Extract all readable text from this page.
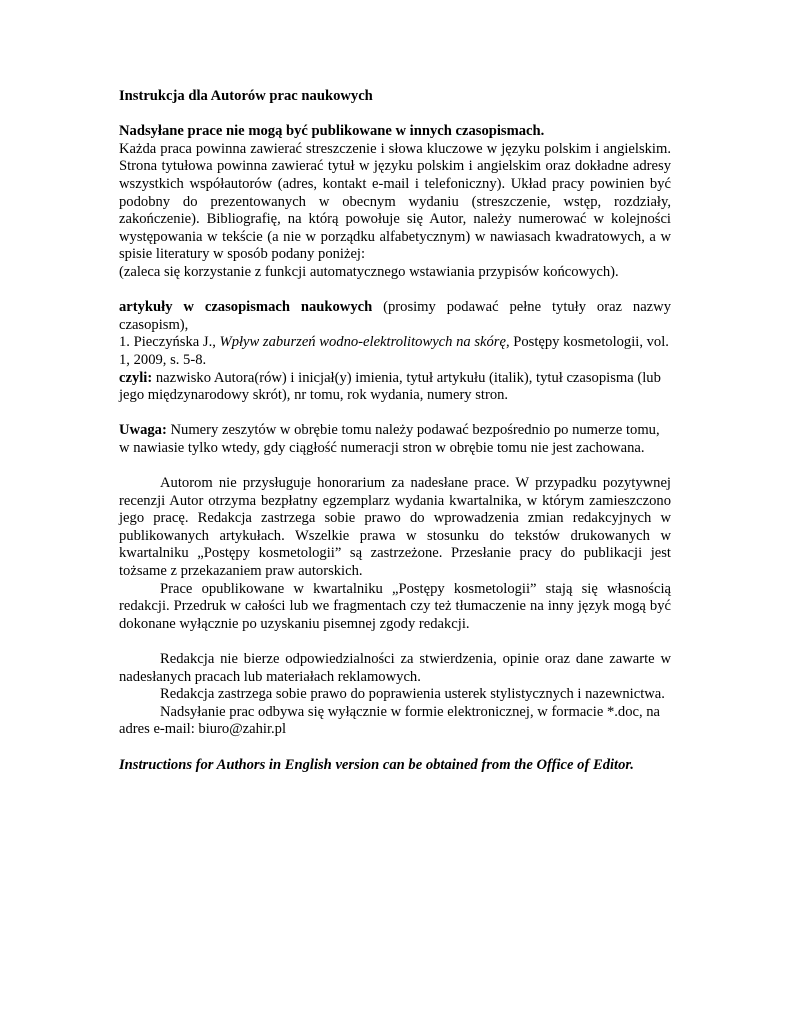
Instrukcja dla Autorów prac naukowych

Nadsyłane prace nie mogą być publikowane w innych czasopismach.

Każda praca powinna zawierać streszczenie i słowa kluczowe w języku polskim i angielskim. Strona tytułowa powinna zawierać tytuł w języku polskim i angielskim oraz dokładne adresy wszystkich współautorów (adres, kontakt e-mail i telefoniczny). Układ pracy powinien być podobny do prezentowanych w obecnym wydaniu (streszczenie, wstęp, rozdziały, zakończenie). Bibliografię, na którą powołuje się Autor, należy numerować w kolejności występowania w tekście (a nie w porządku alfabetycznym) w nawiasach kwadratowych, a w spisie literatury w sposób podany poniżej:

(zaleca się korzystanie z funkcji automatycznego wstawiania przypisów końcowych).

artykuły w czasopismach naukowych (prosimy podawać pełne tytuły oraz nazwy czasopism),

1. Pieczyńska J., Wpływ zaburzeń wodno-elektrolitowych na skórę, Postępy kosmetologii, vol. 1, 2009, s. 5-8.

czyli: nazwisko Autora(rów) i inicjał(y) imienia, tytuł artykułu (italik), tytuł czasopisma (lub jego międzynarodowy skrót), nr tomu, rok wydania, numery stron.

Uwaga: Numery zeszytów w obrębie tomu należy podawać bezpośrednio po numerze tomu, w nawiasie tylko wtedy, gdy ciągłość numeracji stron w obrębie tomu nie jest zachowana.

Autorom nie przysługuje honorarium za nadesłane prace. W przypadku pozytywnej recenzji Autor otrzyma bezpłatny egzemplarz wydania kwartalnika, w którym zamieszczono jego pracę. Redakcja zastrzega sobie prawo do wprowadzenia zmian redakcyjnych w publikowanych artykułach. Wszelkie prawa w stosunku do tekstów drukowanych w kwartalniku „Postępy kosmetologii” są zastrzeżone. Przesłanie pracy do publikacji jest tożsame z przekazaniem praw autorskich.

Prace opublikowane w kwartalniku „Postępy kosmetologii” stają się własnością redakcji. Przedruk w całości lub we fragmentach czy też tłumaczenie na inny język mogą być dokonane wyłącznie po uzyskaniu pisemnej zgody redakcji.

Redakcja nie bierze odpowiedzialności za stwierdzenia, opinie oraz dane zawarte w nadesłanych pracach lub materiałach reklamowych.

Redakcja zastrzega sobie prawo do poprawienia usterek stylistycznych i nazewnictwa.

Nadsyłanie prac odbywa się wyłącznie w formie elektronicznej, w formacie *.doc, na adres e-mail: biuro@zahir.pl

Instructions for Authors in English version can be obtained from the Office of Editor.
